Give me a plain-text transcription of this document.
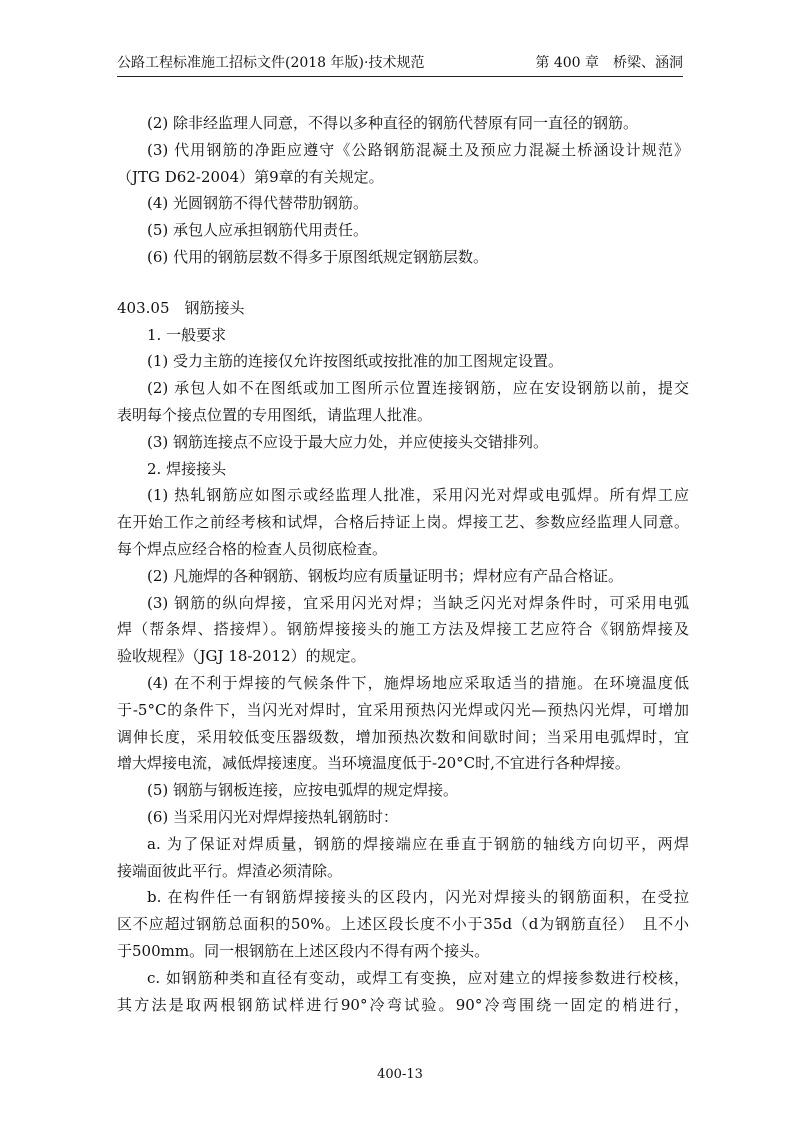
公路工程标准施工招标文件(2018 年版)·技术规范	第 400 章　桥梁、涵洞
(2) 除非经监理人同意，不得以多种直径的钢筋代替原有同一直径的钢筋。
(3) 代用钢筋的净距应遵守《公路钢筋混凝土及预应力混凝土桥涵设计规范》
（JTG D62-2004）第9章的有关规定。
(4) 光圆钢筋不得代替带肋钢筋。
(5) 承包人应承担钢筋代用责任。
(6) 代用的钢筋层数不得多于原图纸规定钢筋层数。
403.05　钢筋接头
1. 一般要求
(1) 受力主筋的连接仅允许按图纸或按批准的加工图规定设置。
(2) 承包人如不在图纸或加工图所示位置连接钢筋，应在安设钢筋以前，提交
表明每个接点位置的专用图纸，请监理人批准。
(3) 钢筋连接点不应设于最大应力处，并应使接头交错排列。
2. 焊接接头
(1) 热轧钢筋应如图示或经监理人批准，采用闪光对焊或电弧焊。所有焊工应
在开始工作之前经考核和试焊，合格后持证上岗。焊接工艺、参数应经监理人同意。
每个焊点应经合格的检查人员彻底检查。
(2) 凡施焊的各种钢筋、钢板均应有质量证明书；焊材应有产品合格证。
(3) 钢筋的纵向焊接，宜采用闪光对焊；当缺乏闪光对焊条件时，可采用电弧
焊（帮条焊、搭接焊）。钢筋焊接接头的施工方法及焊接工艺应符合《钢筋焊接及
验收规程》（JGJ 18-2012）的规定。
(4) 在不利于焊接的气候条件下，施焊场地应采取适当的措施。在环境温度低
于-5°C的条件下，当闪光对焊时，宜采用预热闪光焊或闪光—预热闪光焊，可增加
调伸长度，采用较低变压器级数，增加预热次数和间歇时间；当采用电弧焊时，宜
增大焊接电流，减低焊接速度。当环境温度低于-20°C时,不宜进行各种焊接。
(5) 钢筋与钢板连接，应按电弧焊的规定焊接。
(6) 当采用闪光对焊焊接热轧钢筋时：
a. 为了保证对焊质量，钢筋的焊接端应在垂直于钢筋的轴线方向切平，两焊
接端面彼此平行。焊渣必须清除。
b. 在构件任一有钢筋焊接接头的区段内，闪光对焊接头的钢筋面积，在受拉
区不应超过钢筋总面积的50%。上述区段长度不小于35d（d为钢筋直径）　且不小
于500mm。同一根钢筋在上述区段内不得有两个接头。
c. 如钢筋种类和直径有变动，或焊工有变换，应对建立的焊接参数进行校核，
其方法是取两根钢筋试样进行90°冷弯试验。90°冷弯围绕一固定的梢进行，
400-13
